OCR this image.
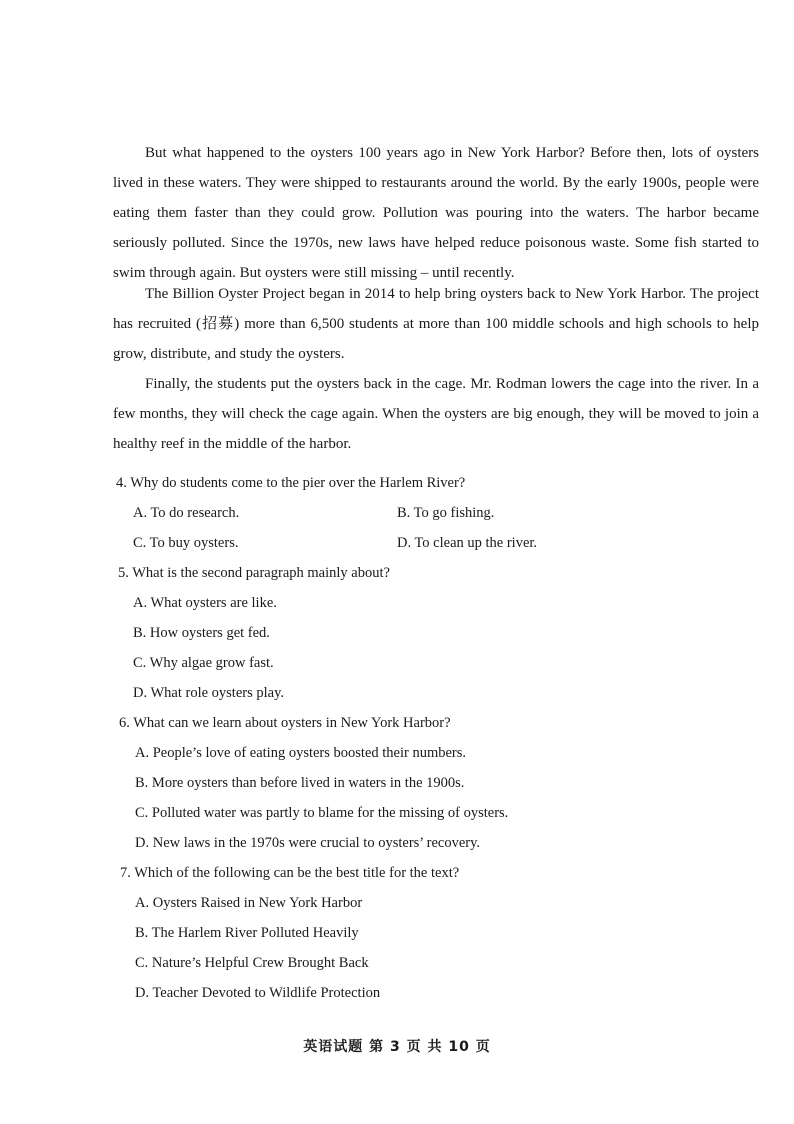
But what happened to the oysters 100 years ago in New York Harbor? Before then, lots of oysters lived in these waters. They were shipped to restaurants around the world. By the early 1900s, people were eating them faster than they could grow. Pollution was pouring into the waters. The harbor became seriously polluted. Since the 1970s, new laws have helped reduce poisonous waste. Some fish started to swim through again. But oysters were still missing – until recently.

The Billion Oyster Project began in 2014 to help bring oysters back to New York Harbor. The project has recruited (招募) more than 6,500 students at more than 100 middle schools and high schools to help grow, distribute, and study the oysters.

Finally, the students put the oysters back in the cage. Mr. Rodman lowers the cage into the river. In a few months, they will check the cage again. When the oysters are big enough, they will be moved to join a healthy reef in the middle of the harbor.

4. Why do students come to the pier over the Harlem River?
A. To do research.	B. To go fishing.
C. To buy oysters.	D. To clean up the river.
5. What is the second paragraph mainly about?
A. What oysters are like.
B. How oysters get fed.
C. Why algae grow fast.
D. What role oysters play.
6. What can we learn about oysters in New York Harbor?
A. People’s love of eating oysters boosted their numbers.
B. More oysters than before lived in waters in the 1900s.
C. Polluted water was partly to blame for the missing of oysters.
D. New laws in the 1970s were crucial to oysters’ recovery.
7. Which of the following can be the best title for the text?
A. Oysters Raised in New York Harbor
B. The Harlem River Polluted Heavily
C. Nature’s Helpful Crew Brought Back
D. Teacher Devoted to Wildlife Protection
英语试题 第 3 页 共 10 页
